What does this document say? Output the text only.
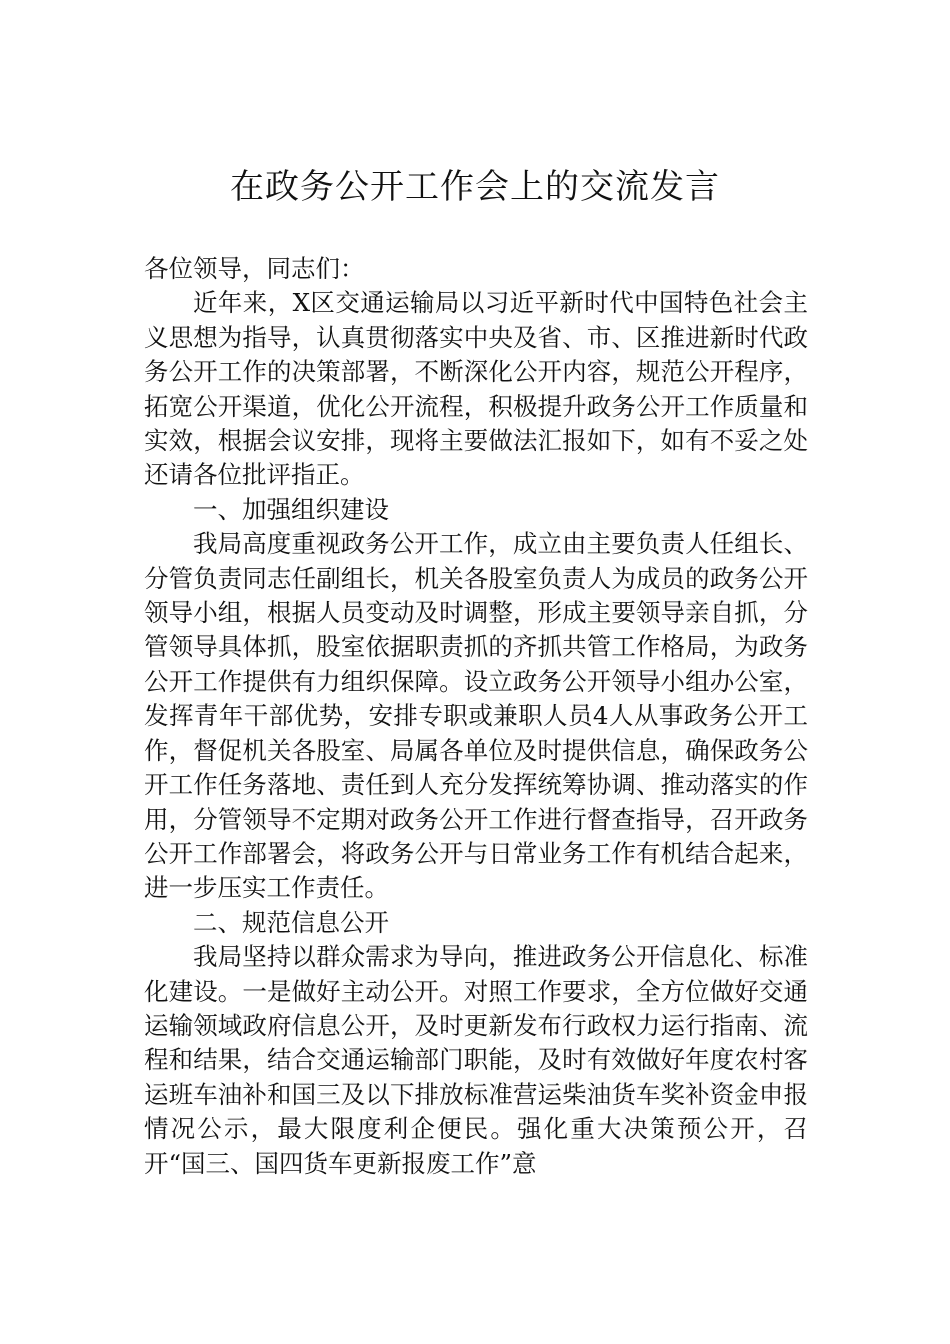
在政务公开工作会上的交流发言

各位领导，同志们：

近年来，X区交通运输局以习近平新时代中国特色社会主义思想为指导，认真贯彻落实中央及省、市、区推进新时代政务公开工作的决策部署，不断深化公开内容，规范公开程序，拓宽公开渠道，优化公开流程，积极提升政务公开工作质量和实效，根据会议安排，现将主要做法汇报如下，如有不妥之处还请各位批评指正。

一、加强组织建设

我局高度重视政务公开工作，成立由主要负责人任组长、分管负责同志任副组长，机关各股室负责人为成员的政务公开领导小组，根据人员变动及时调整，形成主要领导亲自抓，分管领导具体抓，股室依据职责抓的齐抓共管工作格局，为政务公开工作提供有力组织保障。设立政务公开领导小组办公室，发挥青年干部优势，安排专职或兼职人员4人从事政务公开工作，督促机关各股室、局属各单位及时提供信息，确保政务公开工作任务落地、责任到人充分发挥统筹协调、推动落实的作用，分管领导不定期对政务公开工作进行督查指导，召开政务公开工作部署会，将政务公开与日常业务工作有机结合起来，进一步压实工作责任。

二、规范信息公开

我局坚持以群众需求为导向，推进政务公开信息化、标准化建设。一是做好主动公开。对照工作要求，全方位做好交通运输领域政府信息公开，及时更新发布行政权力运行指南、流程和结果，结合交通运输部门职能，及时有效做好年度农村客运班车油补和国三及以下排放标准营运柴油货车奖补资金申报情况公示，最大限度利企便民。强化重大决策预公开，召开“国三、国四货车更新报废工作”意
